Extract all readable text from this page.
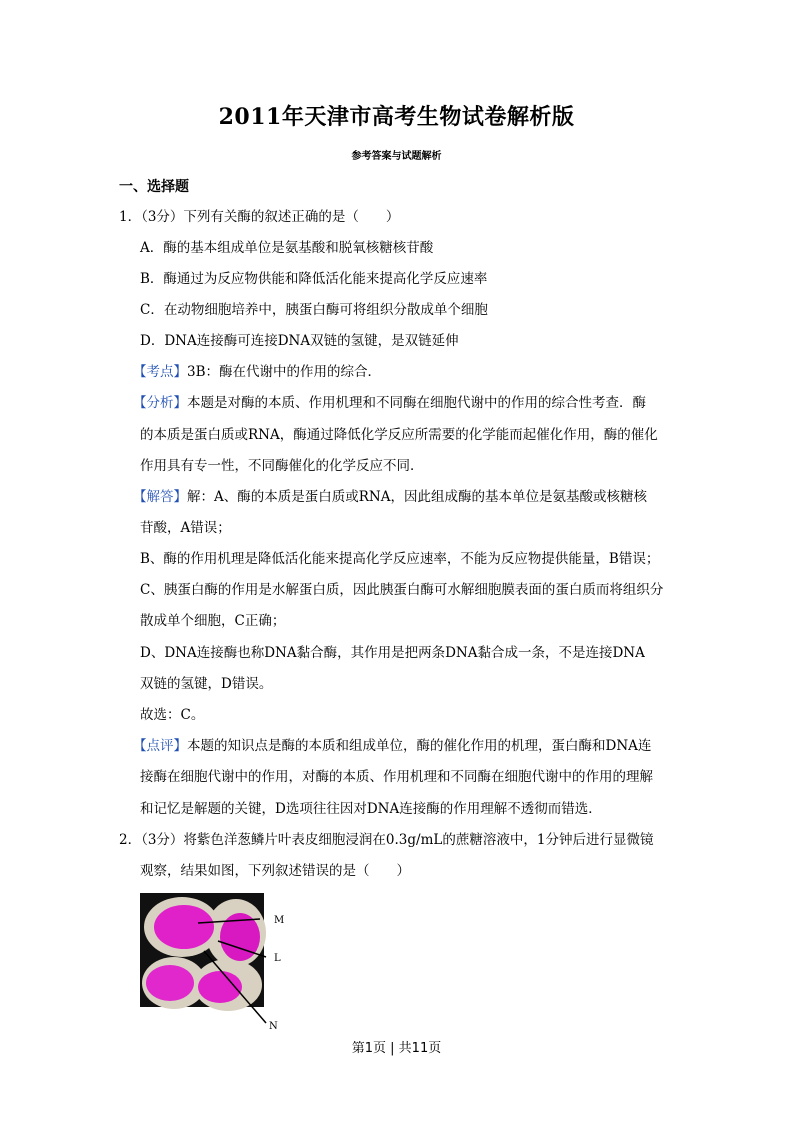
2011年天津市高考生物试卷解析版
参考答案与试题解析
一、选择题
1．（3分）下列有关酶的叙述正确的是（　　）
A．酶的基本组成单位是氨基酸和脱氧核糖核苷酸
B．酶通过为反应物供能和降低活化能来提高化学反应速率
C．在动物细胞培养中，胰蛋白酶可将组织分散成单个细胞
D．DNA连接酶可连接DNA双链的氢键，是双链延伸
【考点】3B：酶在代谢中的作用的综合．
【分析】本题是对酶的本质、作用机理和不同酶在细胞代谢中的作用的综合性考查．酶
的本质是蛋白质或RNA，酶通过降低化学反应所需要的化学能而起催化作用，酶的催化
作用具有专一性，不同酶催化的化学反应不同．
【解答】解：A、酶的本质是蛋白质或RNA，因此组成酶的基本单位是氨基酸或核糖核
苷酸，A错误；
B、酶的作用机理是降低活化能来提高化学反应速率，不能为反应物提供能量，B错误；
C、胰蛋白酶的作用是水解蛋白质，因此胰蛋白酶可水解细胞膜表面的蛋白质而将组织分
散成单个细胞，C正确；
D、DNA连接酶也称DNA黏合酶，其作用是把两条DNA黏合成一条，不是连接DNA
双链的氢键，D错误。
故选：C。
【点评】本题的知识点是酶的本质和组成单位，酶的催化作用的机理，蛋白酶和DNA连
接酶在细胞代谢中的作用，对酶的本质、作用机理和不同酶在细胞代谢中的作用的理解
和记忆是解题的关键，D选项往往因对DNA连接酶的作用理解不透彻而错选．
2．（3分）将紫色洋葱鳞片叶表皮细胞浸润在0.3g/mL的蔗糖溶液中，1分钟后进行显微镜
观察，结果如图，下列叙述错误的是（　　）
M
L
N
第1页 | 共11页
